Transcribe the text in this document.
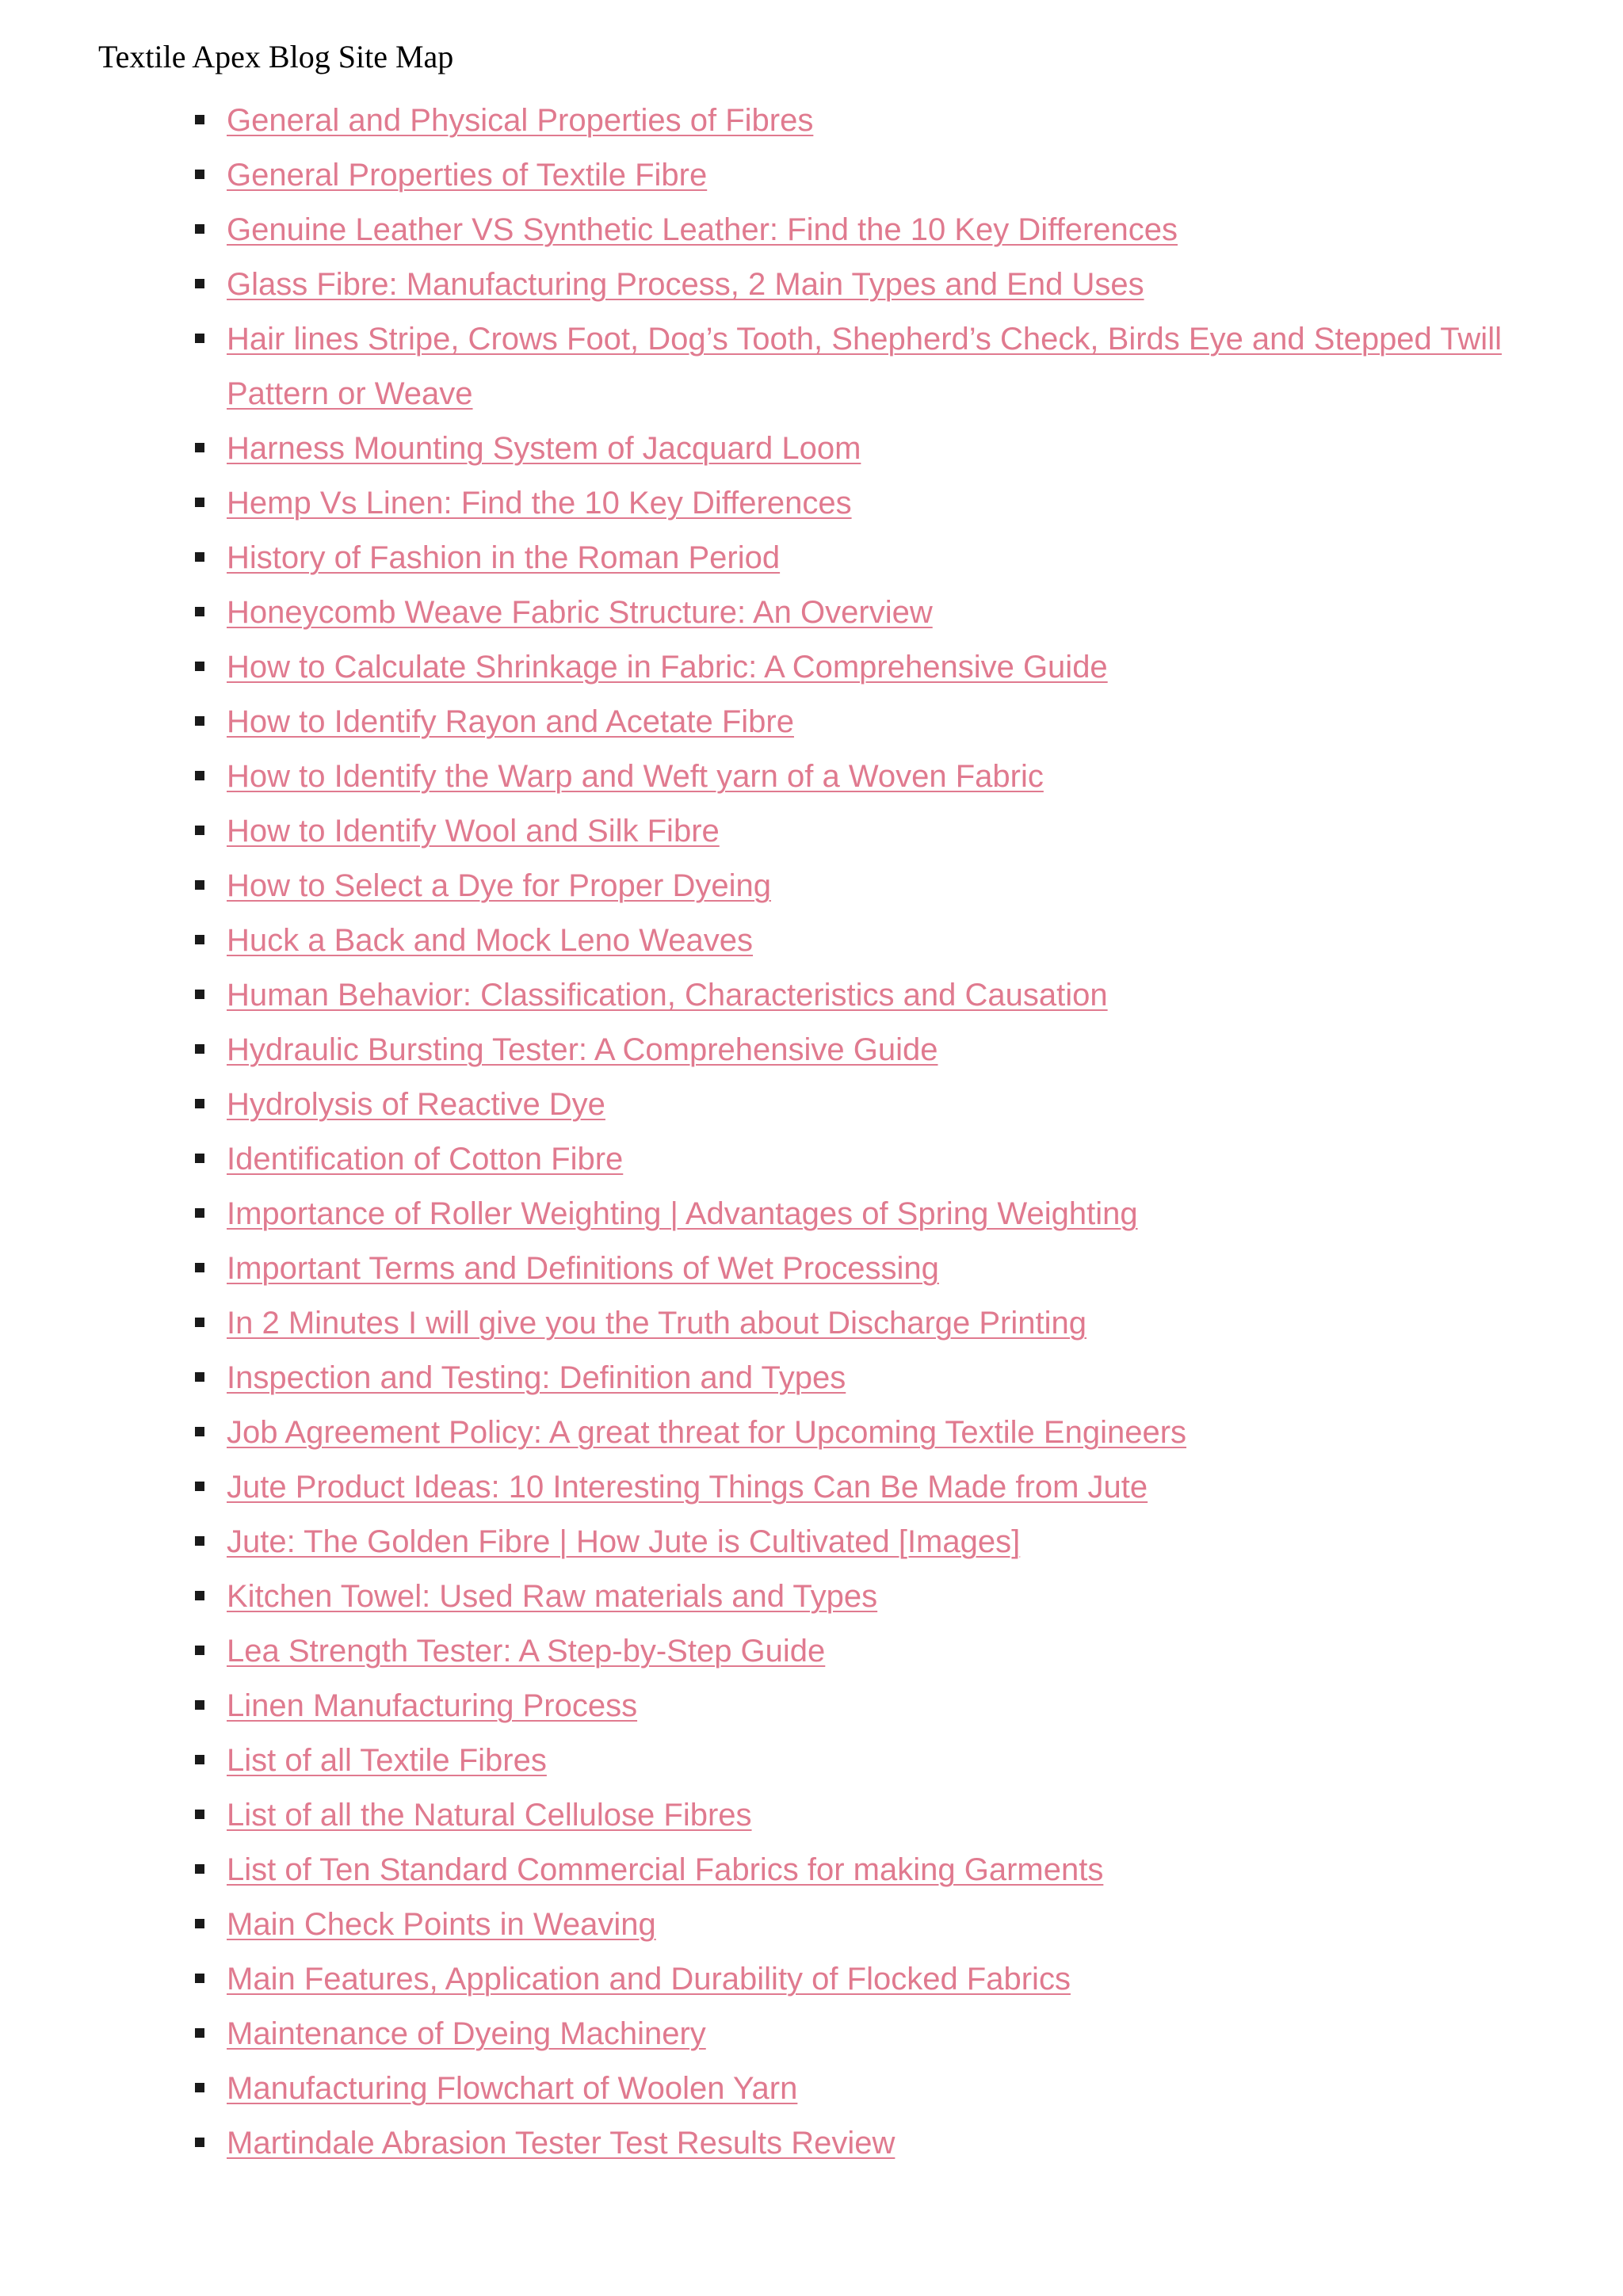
Textile Apex Blog Site Map
General and Physical Properties of Fibres
General Properties of Textile Fibre
Genuine Leather VS Synthetic Leather: Find the 10 Key Differences
Glass Fibre: Manufacturing Process, 2 Main Types and End Uses
Hair lines Stripe, Crows Foot, Dog’s Tooth, Shepherd’s Check, Birds Eye and Stepped Twill Pattern or Weave
Harness Mounting System of Jacquard Loom
Hemp Vs Linen: Find the 10 Key Differences
History of Fashion in the Roman Period
Honeycomb Weave Fabric Structure: An Overview
How to Calculate Shrinkage in Fabric: A Comprehensive Guide
How to Identify Rayon and Acetate Fibre
How to Identify the Warp and Weft yarn of a Woven Fabric
How to Identify Wool and Silk Fibre
How to Select a Dye for Proper Dyeing
Huck a Back and Mock Leno Weaves
Human Behavior: Classification, Characteristics and Causation
Hydraulic Bursting Tester: A Comprehensive Guide
Hydrolysis of Reactive Dye
Identification of Cotton Fibre
Importance of Roller Weighting | Advantages of Spring Weighting
Important Terms and Definitions of Wet Processing
In 2 Minutes I will give you the Truth about Discharge Printing
Inspection and Testing: Definition and Types
Job Agreement Policy: A great threat for Upcoming Textile Engineers
Jute Product Ideas: 10 Interesting Things Can Be Made from Jute
Jute: The Golden Fibre | How Jute is Cultivated [Images]
Kitchen Towel: Used Raw materials and Types
Lea Strength Tester: A Step-by-Step Guide
Linen Manufacturing Process
List of all Textile Fibres
List of all the Natural Cellulose Fibres
List of Ten Standard Commercial Fabrics for making Garments
Main Check Points in Weaving
Main Features, Application and Durability of Flocked Fabrics
Maintenance of Dyeing Machinery
Manufacturing Flowchart of Woolen Yarn
Martindale Abrasion Tester Test Results Review
